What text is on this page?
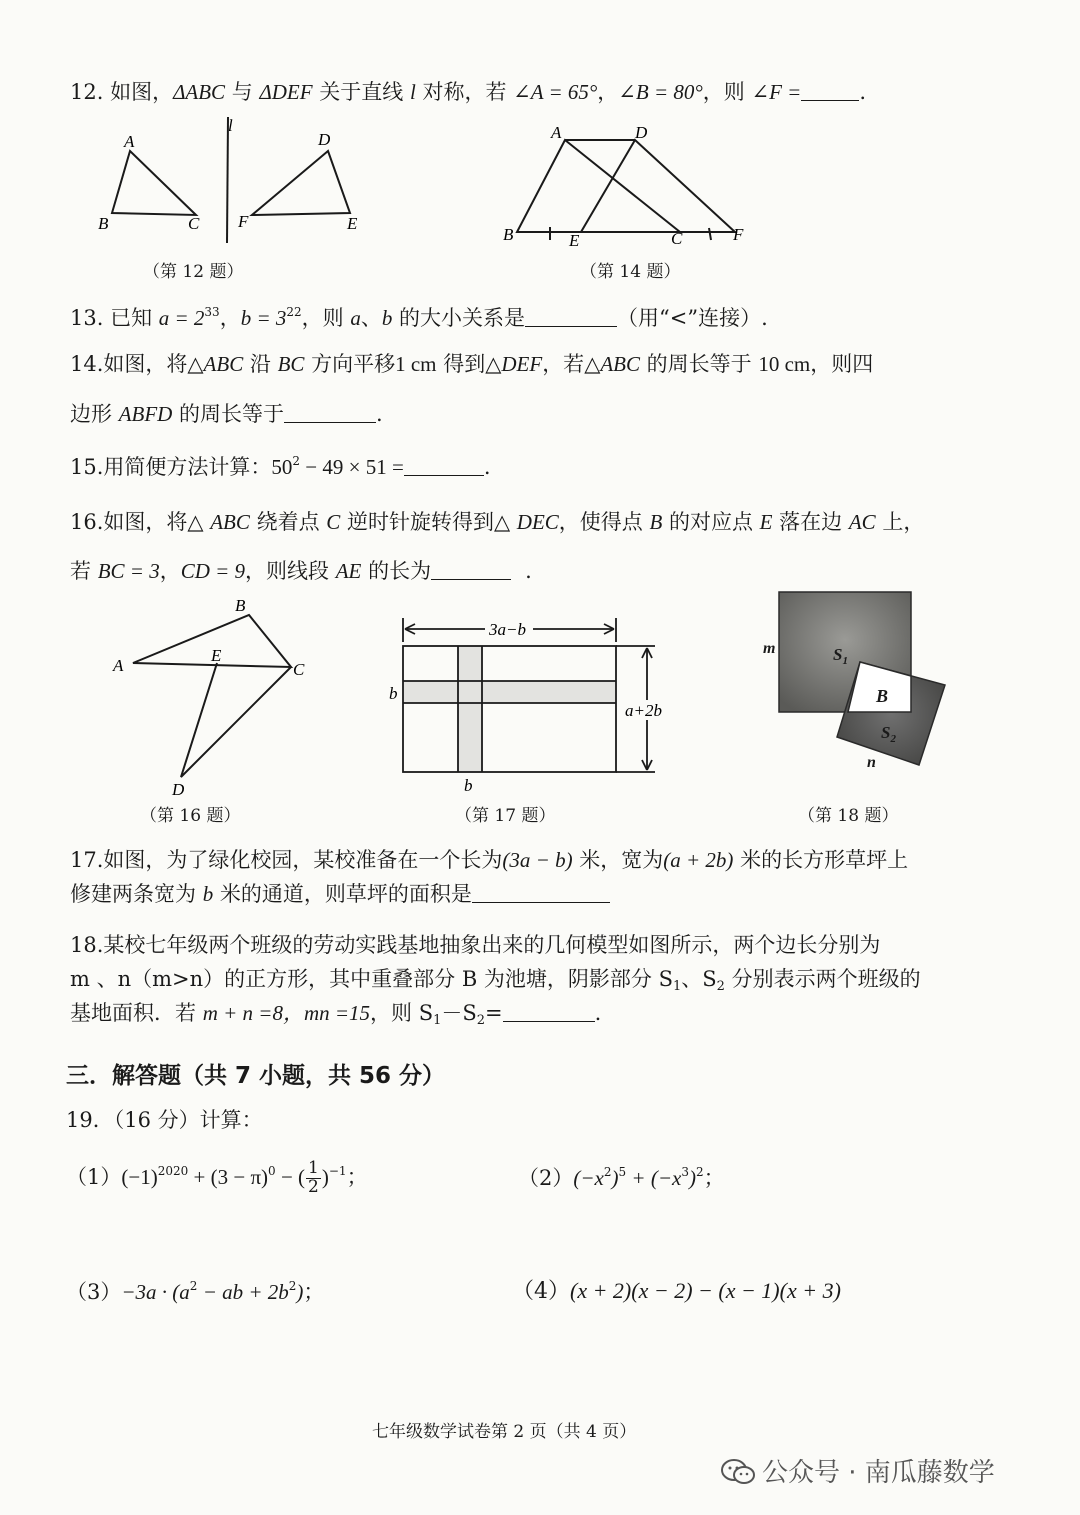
12. 如图，ΔABC 与 ΔDEF 关于直线 l 对称，若 ∠A = 65°，∠B = 80°，则 ∠F =	.
A
B	C
D
E
F
l
（第 12 题）
A	D
B	E	C	F
（第 14 题）
13. 已知 $a = 2^{33}$，$b = 3^{22}$，则 a、b 的大小关系是	（用“<”连接）.
14.如图，将△ABC 沿 BC 方向平移1 cm 得到△DEF，若△ABC 的周长等于 10 cm，则四
边形 ABFD 的周长等于	.
15.用简便方法计算：$50^2 - 49 \times 51$ =	.
16.如图，将△ ABC 绕着点 C 逆时针旋转得到△ DEC，使得点 B 的对应点 E 落在边 AC 上，
若 BC = 3，CD = 9，则线段 AE 的长为	.
A
B
C
D
E
（第 16 题）
3a−b
a+2b
b
b
（第 17 题）
m
n
$S_1$
$S_2$
B
（第 18 题）
17.如图，为了绿化校园，某校准备在一个长为(3a − b) 米，宽为(a + 2b) 米的长方形草坪上
修建两条宽为 b 米的通道，则草坪的面积是
18.某校七年级两个班级的劳动实践基地抽象出来的几何模型如图所示，两个边长分别为
m 、n（m>n）的正方形，其中重叠部分 B 为池塘，阴影部分 $S_1$、$S_2$ 分别表示两个班级的
基地面积．若 m + n =8，mn =15，则 $S_1-S_2=$	.
三．解答题（共 7 小题，共 56 分）
19．（16 分）计算：
$(1)(-1)^{2020} + (3 - \pi)^0$ − ( $\frac{1}{2} )^{-1}$；	$(2)(-x^2)^5 + (-x^3)^2$；
$(3)-3a \cdot (a^2$ − ab + $2b^2$)；	（4）(x + 2)(x − 2) − (x − 1)(x + 3)
七年级数学试卷第 2 页（共 4 页）
公众号 · 南瓜藤数学
